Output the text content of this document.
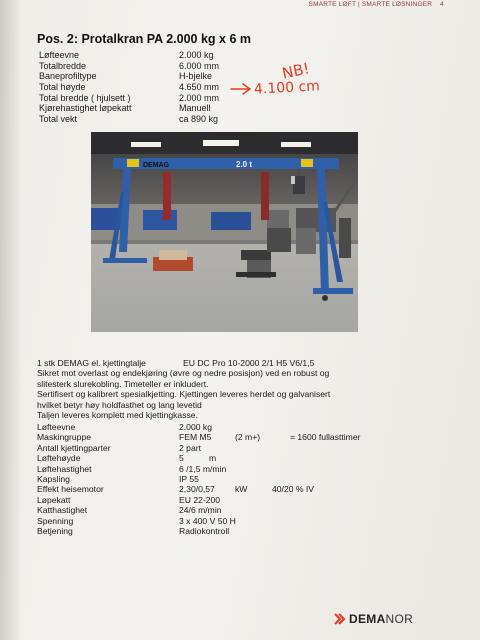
SMARTE LØFT | SMARTE LØSNINGER 4
Pos. 2: Protalkran PA 2.000 kg x 6 m
Løfteevne	2.000 kg
Totalbredde	6.000 mm
Baneprofiltype	H-bjelke
Total høyde	4.650 mm
Total bredde ( hjulsett )	2.000 mm
Kjørehastighet løpekatt	Manuell
Total vekt	ca 890 kg
NB!
4.100 cm
DEMAG	2.0 t
1 stk DEMAG el. kjettingtalje	EU DC Pro 10-2000 2/1 H5 V6/1,5
Sikret mot overlast og endekjøring (øvre og nedre posisjon) ved en robust og
slitesterk slurekobling. Timeteller er inkludert.
Sertifisert og kalibrert spesialkjetting. Kjettingen leveres herdet og galvanisert
hvilket betyr høy holdfasthet og lang levetid
Taljen leveres komplett med kjettingkasse.
Løfteevne	2.000 kg
Maskingruppe	FEM M5	(2 m+)	= 1600 fullasttimer
Antall kjettingparter	2 part
Løftehøyde	5	m
Løftehastighet	6 /1,5 m/min
Kapsling	IP 55
Effekt heisemotor	2,30/0,57 kW	40/20 % IV
Løpekatt	EU 22-200
Katthastighet	24/6 m/min
Spenning	3 x 400 V 50 H
Betjening	Radiokontroll
DEMANOR
